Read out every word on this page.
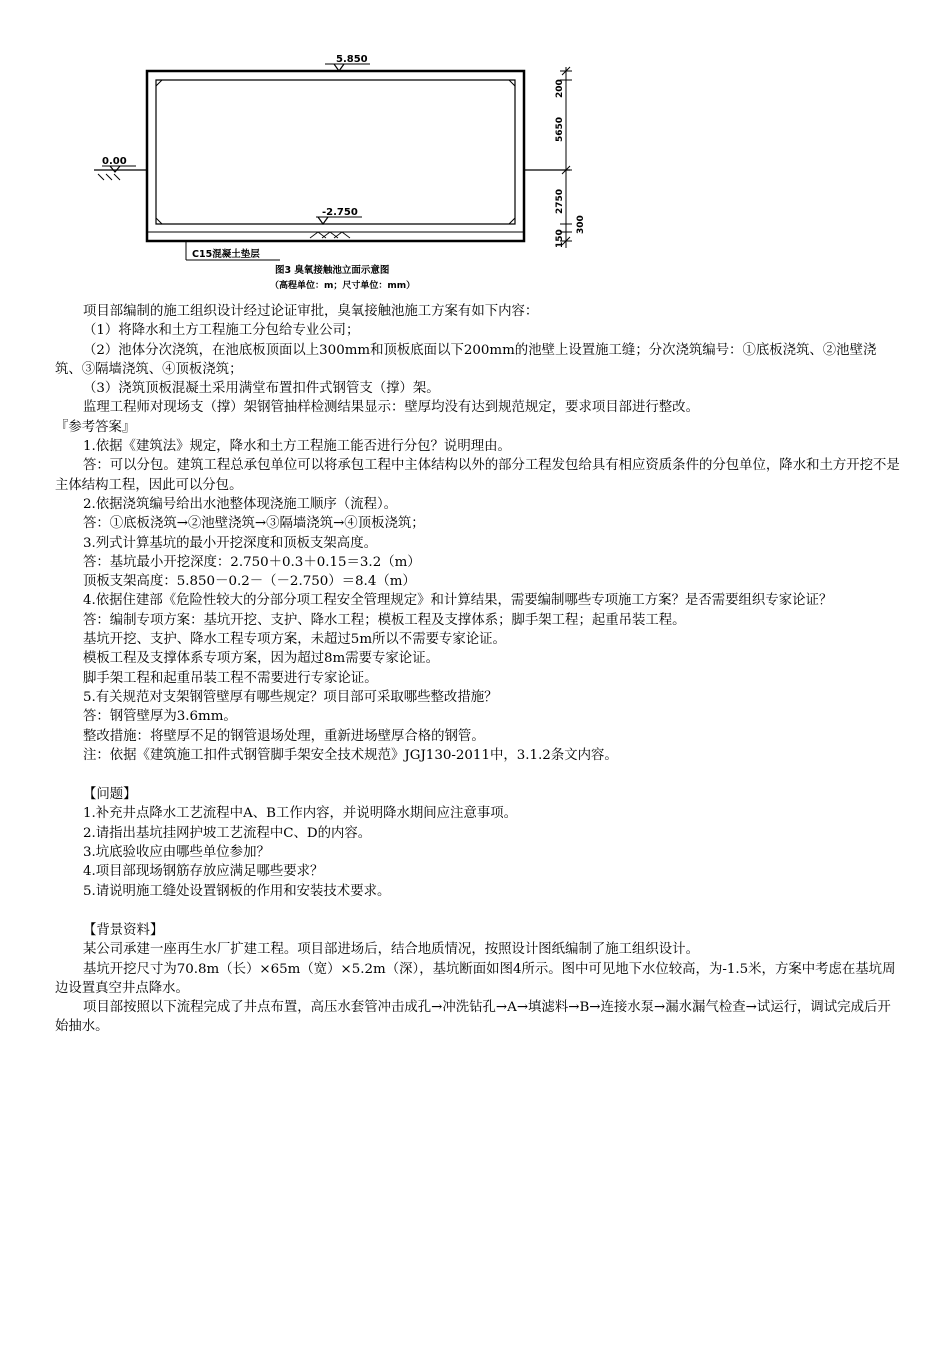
5.850
0.00
-2.750
C15混凝土垫层
200
5650
2750
150
300
图3 臭氧接触池立面示意图
（高程单位：m；尺寸单位：mm）

项目部编制的施工组织设计经过论证审批，臭氧接触池施工方案有如下内容：

（1）将降水和土方工程施工分包给专业公司；

（2）池体分次浇筑，在池底板顶面以上300mm和顶板底面以下200mm的池壁上设置施工缝；分次浇筑编号：①底板浇筑、②池壁浇筑、③隔墙浇筑、④顶板浇筑；

（3）浇筑顶板混凝土采用满堂布置扣件式钢管支（撑）架。

监理工程师对现场支（撑）架钢管抽样检测结果显示：壁厚均没有达到规范规定，要求项目部进行整改。

『参考答案』

1.依据《建筑法》规定，降水和土方工程施工能否进行分包？说明理由。

答：可以分包。建筑工程总承包单位可以将承包工程中主体结构以外的部分工程发包给具有相应资质条件的分包单位，降水和土方开挖不是主体结构工程，因此可以分包。

2.依据浇筑编号给出水池整体现浇施工顺序（流程）。

答：①底板浇筑→②池壁浇筑→③隔墙浇筑→④顶板浇筑；

3.列式计算基坑的最小开挖深度和顶板支架高度。

答：基坑最小开挖深度：2.750＋0.3＋0.15＝3.2（m）

顶板支架高度：5.850－0.2－（－2.750）＝8.4（m）

4.依据住建部《危险性较大的分部分项工程安全管理规定》和计算结果，需要编制哪些专项施工方案？是否需要组织专家论证？

答：编制专项方案：基坑开挖、支护、降水工程；模板工程及支撑体系；脚手架工程；起重吊装工程。

基坑开挖、支护、降水工程专项方案，未超过5m所以不需要专家论证。

模板工程及支撑体系专项方案，因为超过8m需要专家论证。

脚手架工程和起重吊装工程不需要进行专家论证。

5.有关规范对支架钢管壁厚有哪些规定？项目部可采取哪些整改措施？

答：钢管壁厚为3.6mm。

整改措施：将壁厚不足的钢管退场处理，重新进场壁厚合格的钢管。

注：依据《建筑施工扣件式钢管脚手架安全技术规范》JGJ130-2011中，3.1.2条文内容。

【问题】

1.补充井点降水工艺流程中A、B工作内容，并说明降水期间应注意事项。

2.请指出基坑挂网护坡工艺流程中C、D的内容。

3.坑底验收应由哪些单位参加？

4.项目部现场钢筋存放应满足哪些要求？

5.请说明施工缝处设置钢板的作用和安装技术要求。

【背景资料】

某公司承建一座再生水厂扩建工程。项目部进场后，结合地质情况，按照设计图纸编制了施工组织设计。

基坑开挖尺寸为70.8m（长）×65m（宽）×5.2m（深），基坑断面如图4所示。图中可见地下水位较高，为-1.5米，方案中考虑在基坑周边设置真空井点降水。

项目部按照以下流程完成了井点布置，高压水套管冲击成孔→冲洗钻孔→A→填滤料→B→连接水泵→漏水漏气检查→试运行，调试完成后开始抽水。
